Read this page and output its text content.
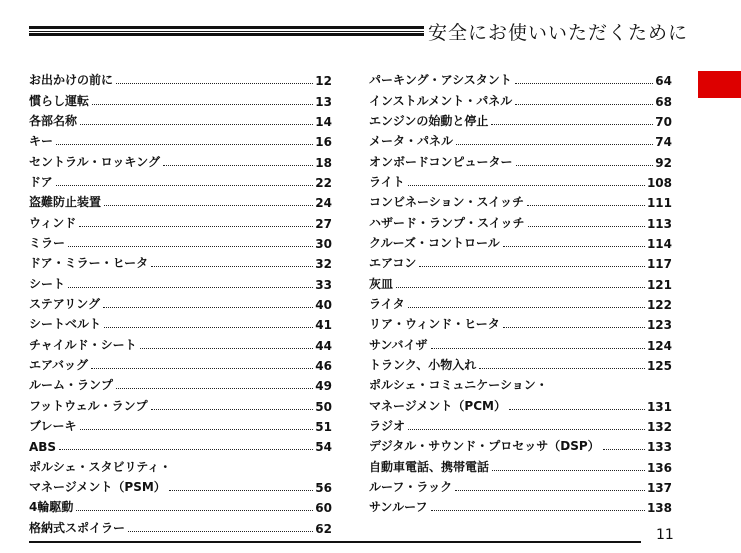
安全にお使いいただくために
お出かけの前に	12
慣らし運転	13
各部名称	14
キー	16
セントラル・ロッキング	18
ドア	22
盗難防止装置	24
ウィンド	27
ミラー	30
ドア・ミラー・ヒータ	32
シート	33
ステアリング	40
シートベルト	41
チャイルド・シート	44
エアバッグ	46
ルーム・ランプ	49
フットウェル・ランプ	50
ブレーキ	51
ABS	54
ポルシェ・スタビリティ・
マネージメント（PSM）	56
4輪駆動	60
格納式スポイラー	62
パーキング・アシスタント	64
インストルメント・パネル	68
エンジンの始動と停止	70
メータ・パネル	74
オンボードコンピューター	92
ライト	108
コンビネーション・スイッチ	111
ハザード・ランプ・スイッチ	113
クルーズ・コントロール	114
エアコン	117
灰皿	121
ライタ	122
リア・ウィンド・ヒータ	123
サンバイザ	124
トランク、小物入れ	125
ポルシェ・コミュニケーション・
マネージメント（PCM）	131
ラジオ	132
デジタル・サウンド・プロセッサ（DSP）	133
自動車電話、携帯電話	136
ルーフ・ラック	137
サンルーフ	138
11
